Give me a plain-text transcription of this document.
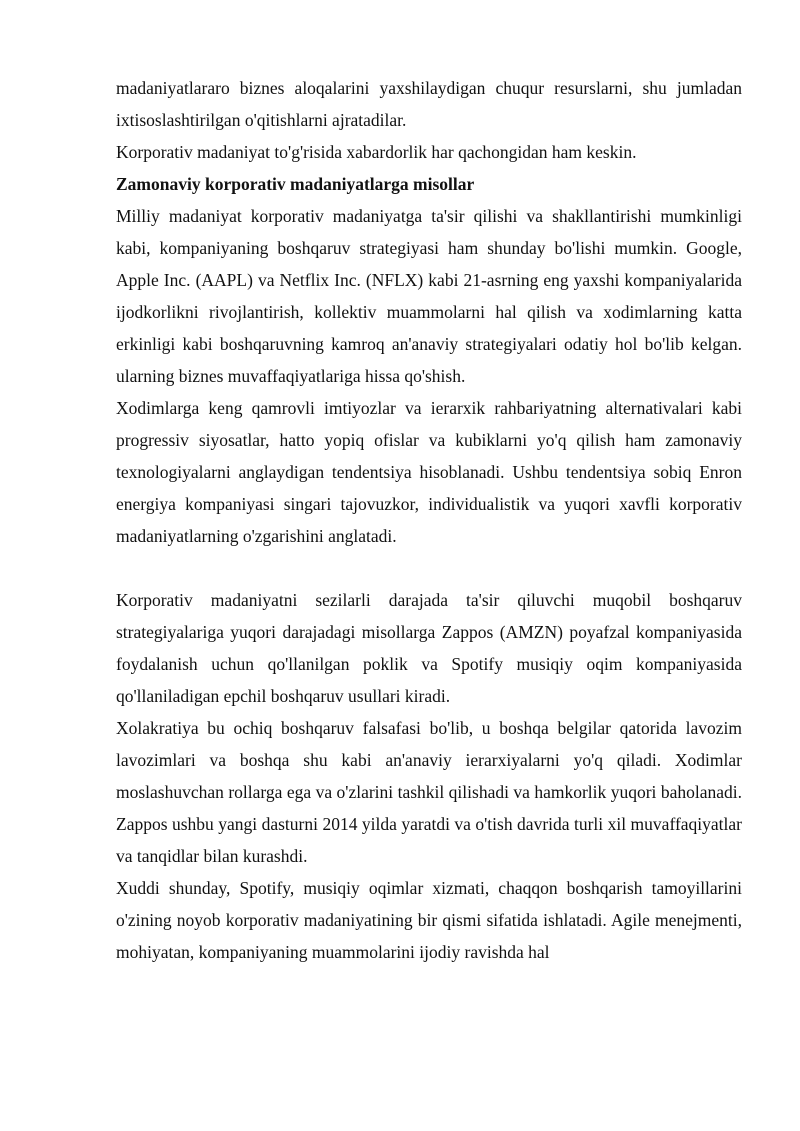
madaniyatlararo biznes aloqalarini yaxshilaydigan chuqur resurslarni, shu jumladan ixtisoslashtirilgan o'qitishlarni ajratadilar.

Korporativ madaniyat to'g'risida xabardorlik har qachongidan ham keskin.

Zamonaviy korporativ madaniyatlarga misollar

Milliy madaniyat korporativ madaniyatga ta'sir qilishi va shakllantirishi mumkinligi kabi, kompaniyaning boshqaruv strategiyasi ham shunday bo'lishi mumkin. Google, Apple Inc. (AAPL) va Netflix Inc. (NFLX) kabi 21-asrning eng yaxshi kompaniyalarida ijodkorlikni rivojlantirish, kollektiv muammolarni hal qilish va xodimlarning katta erkinligi kabi boshqaruvning kamroq an'anaviy strategiyalari odatiy hol bo'lib kelgan. ularning biznes muvaffaqiyatlariga hissa qo'shish.

Xodimlarga keng qamrovli imtiyozlar va ierarxik rahbariyatning alternativalari kabi progressiv siyosatlar, hatto yopiq ofislar va kubiklarni yo'q qilish ham zamonaviy texnologiyalarni anglaydigan tendentsiya hisoblanadi. Ushbu tendentsiya sobiq Enron energiya kompaniyasi singari tajovuzkor, individualistik va yuqori xavfli korporativ madaniyatlarning o'zgarishini anglatadi.

Korporativ madaniyatni sezilarli darajada ta'sir qiluvchi muqobil boshqaruv strategiyalariga yuqori darajadagi misollarga Zappos (AMZN) poyafzal kompaniyasida foydalanish uchun qo'llanilgan poklik va Spotify musiqiy oqim kompaniyasida qo'llaniladigan epchil boshqaruv usullari kiradi.

Xolakratiya bu ochiq boshqaruv falsafasi bo'lib, u boshqa belgilar qatorida lavozim lavozimlari va boshqa shu kabi an'anaviy ierarxiyalarni yo'q qiladi. Xodimlar moslashuvchan rollarga ega va o'zlarini tashkil qilishadi va hamkorlik yuqori baholanadi. Zappos ushbu yangi dasturni 2014 yilda yaratdi va o'tish davrida turli xil muvaffaqiyatlar va tanqidlar bilan kurashdi.

Xuddi shunday, Spotify, musiqiy oqimlar xizmati, chaqqon boshqarish tamoyillarini o'zining noyob korporativ madaniyatining bir qismi sifatida ishlatadi. Agile menejmenti, mohiyatan, kompaniyaning muammolarini ijodiy ravishda hal
